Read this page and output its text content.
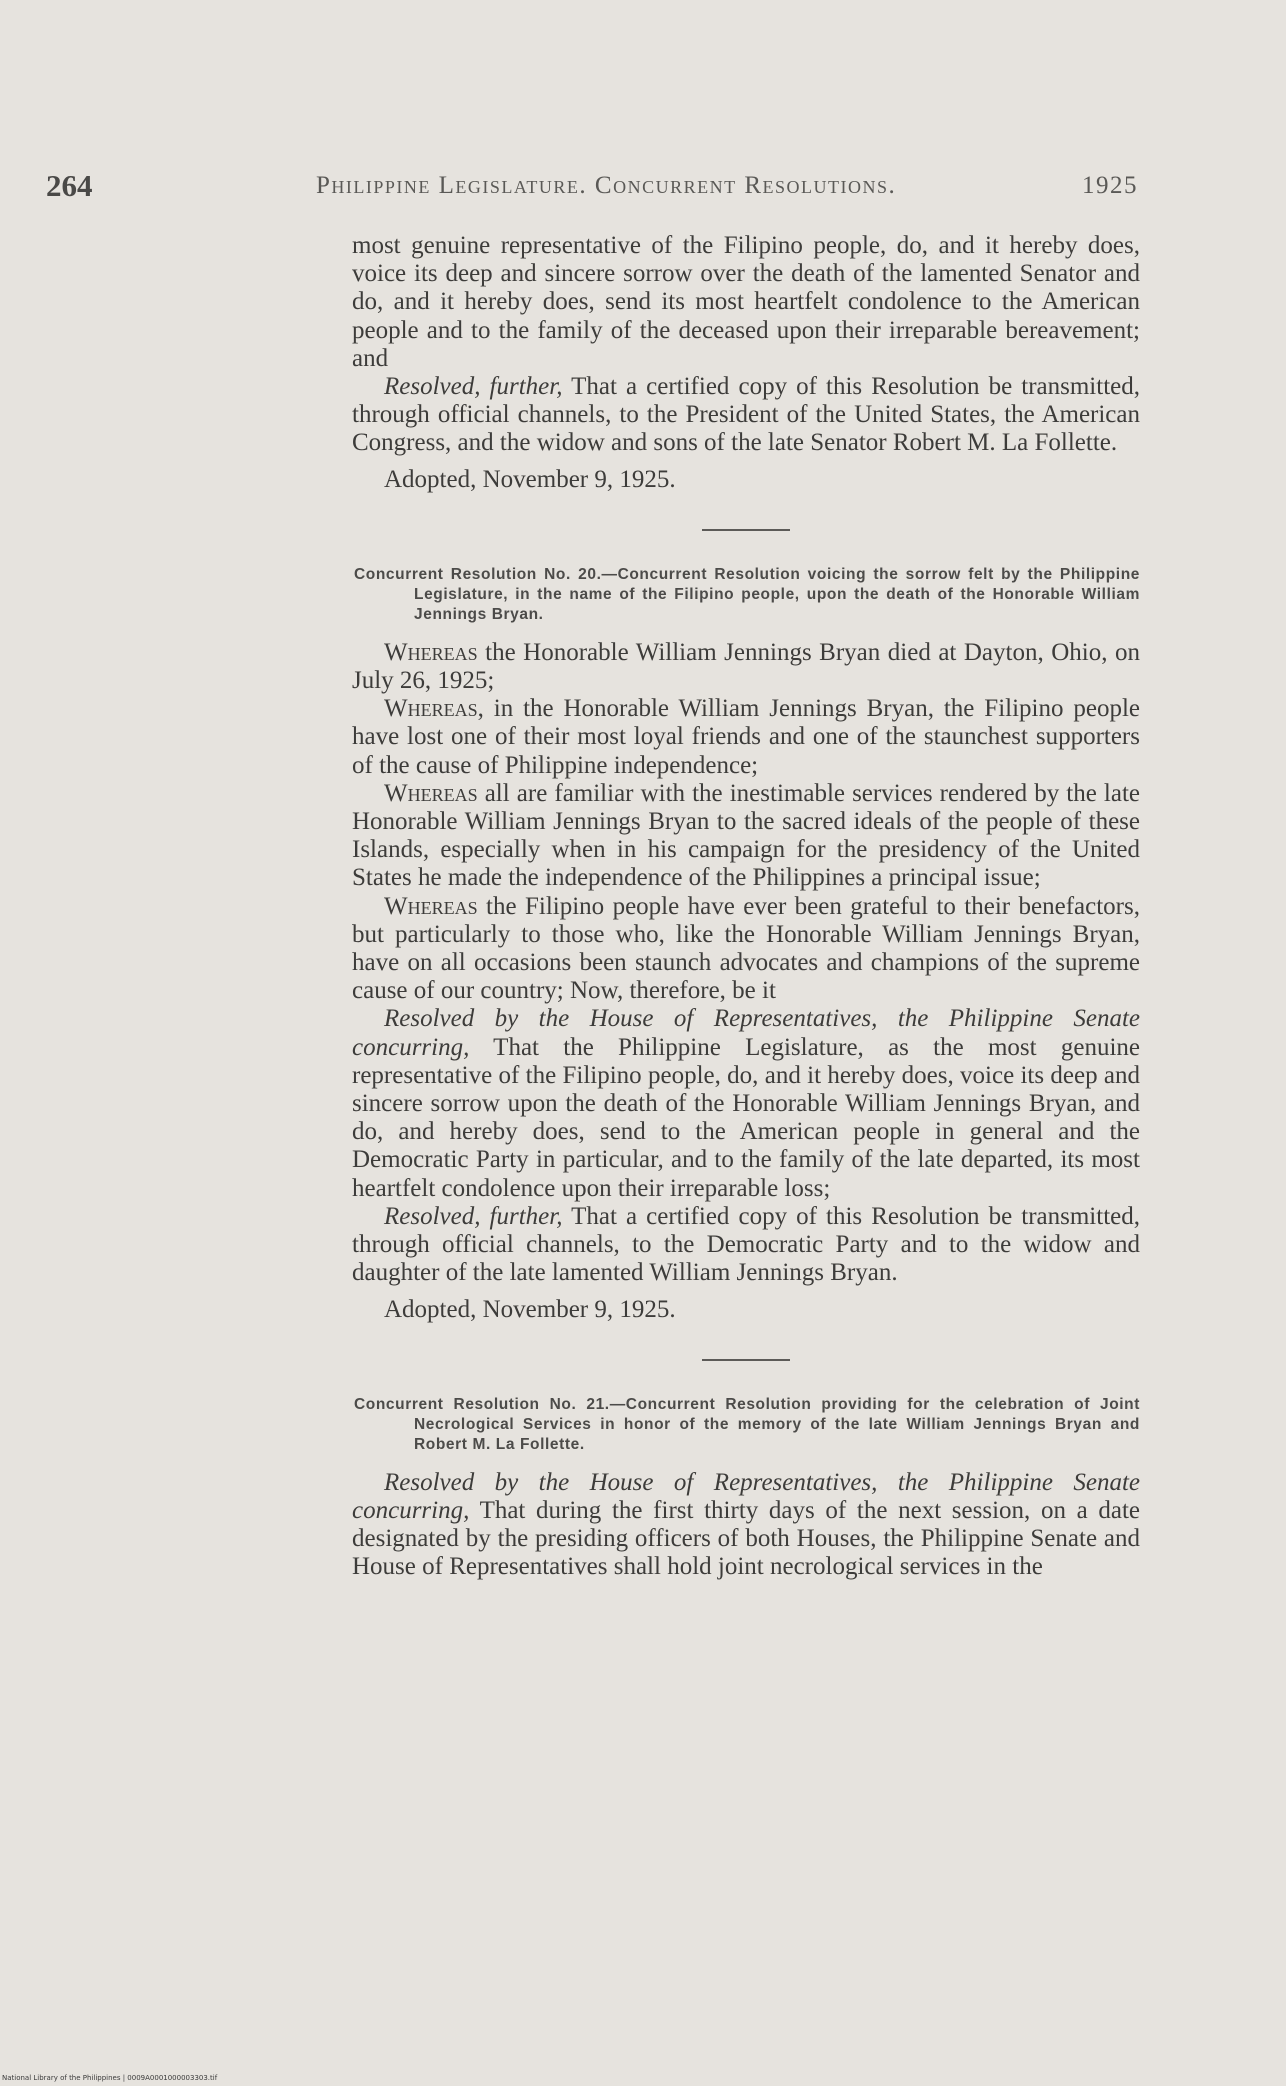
264	Philippine Legislature. Concurrent Resolutions.	1925

most genuine representative of the Filipino people, do, and it hereby does, voice its deep and sincere sorrow over the death of the lamented Senator and do, and it hereby does, send its most heartfelt condolence to the American people and to the family of the deceased upon their irreparable bereavement; and

Resolved, further, That a certified copy of this Resolution be transmitted, through official channels, to the President of the United States, the American Congress, and the widow and sons of the late Senator Robert M. La Follette.

Adopted, November 9, 1925.

Concurrent Resolution No. 20.—Concurrent Resolution voicing the sorrow felt by the Philippine Legislature, in the name of the Filipino people, upon the death of the Honorable William Jennings Bryan.

Whereas the Honorable William Jennings Bryan died at Dayton, Ohio, on July 26, 1925;

Whereas, in the Honorable William Jennings Bryan, the Filipino people have lost one of their most loyal friends and one of the staunchest supporters of the cause of Philippine independence;

Whereas all are familiar with the inestimable services rendered by the late Honorable William Jennings Bryan to the sacred ideals of the people of these Islands, especially when in his campaign for the presidency of the United States he made the independence of the Philippines a principal issue;

Whereas the Filipino people have ever been grateful to their benefactors, but particularly to those who, like the Honorable William Jennings Bryan, have on all occasions been staunch advocates and champions of the supreme cause of our country; Now, therefore, be it

Resolved by the House of Representatives, the Philippine Senate concurring, That the Philippine Legislature, as the most genuine representative of the Filipino people, do, and it hereby does, voice its deep and sincere sorrow upon the death of the Honorable William Jennings Bryan, and do, and hereby does, send to the American people in general and the Democratic Party in particular, and to the family of the late departed, its most heartfelt condolence upon their irreparable loss;

Resolved, further, That a certified copy of this Resolution be transmitted, through official channels, to the Democratic Party and to the widow and daughter of the late lamented William Jennings Bryan.

Adopted, November 9, 1925.

Concurrent Resolution No. 21.—Concurrent Resolution providing for the celebration of Joint Necrological Services in honor of the memory of the late William Jennings Bryan and Robert M. La Follette.

Resolved by the House of Representatives, the Philippine Senate concurring, That during the first thirty days of the next session, on a date designated by the presiding officers of both Houses, the Philippine Senate and House of Representatives shall hold joint necrological services in the

National Library of the Philippines | 0009A0001000003303.tif
